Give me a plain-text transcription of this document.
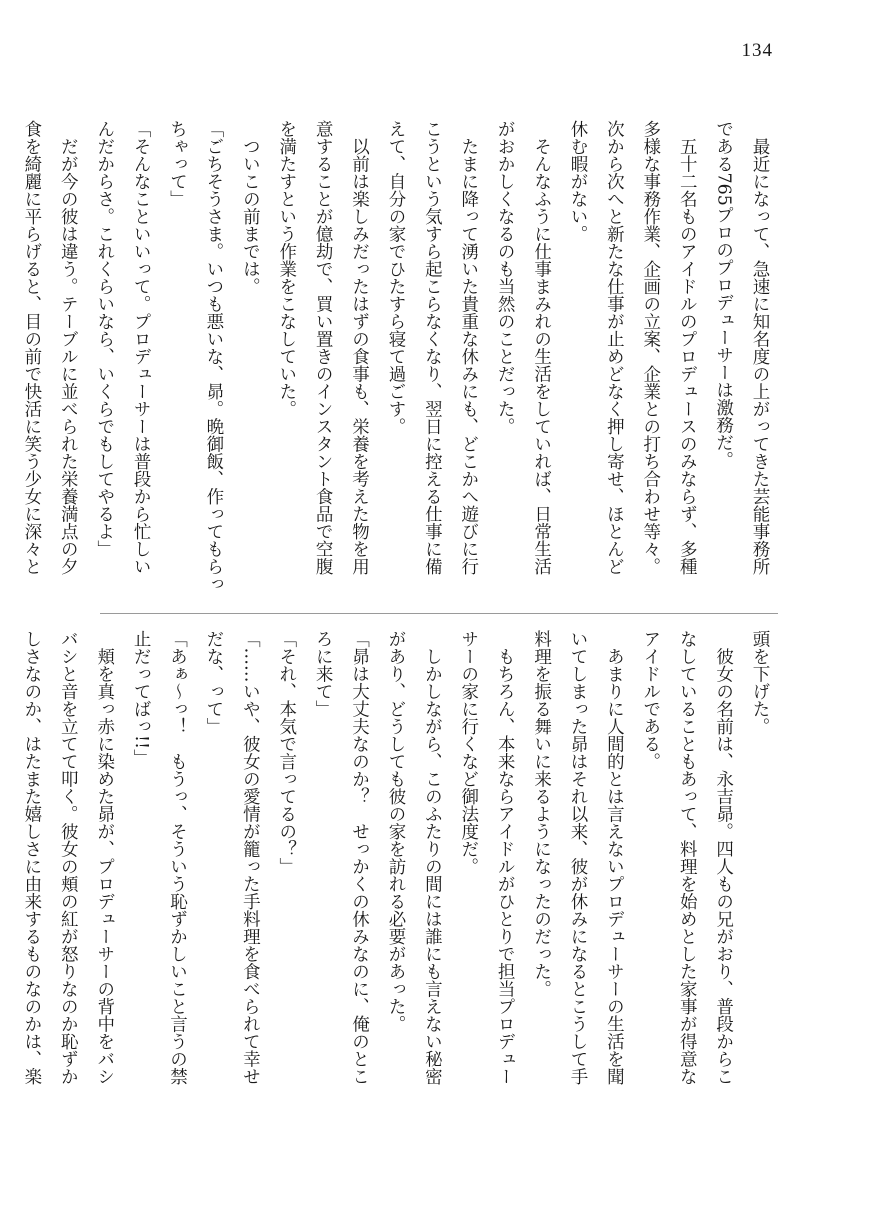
134
　最近になって、急速に知名度の上がってきた芸能事務所
である765プロのプロデューサーは激務だ。
　五十二名ものアイドルのプロデュースのみならず、多種
多様な事務作業、企画の立案、企業との打ち合わせ等々。
次から次へと新たな仕事が止めどなく押し寄せ、ほとんど
休む暇がない。
　そんなふうに仕事まみれの生活をしていれば、日常生活
がおかしくなるのも当然のことだった。
　たまに降って湧いた貴重な休みにも、どこかへ遊びに行
こうという気すら起こらなくなり、翌日に控える仕事に備
えて、自分の家でひたすら寝て過ごす。
　以前は楽しみだったはずの食事も、栄養を考えた物を用
意することが億劫で、買い置きのインスタント食品で空腹
を満たすという作業をこなしていた。
　ついこの前までは。
「ごちそうさま。いつも悪いな、昴。晩御飯、作ってもらっ
ちゃって」
「そんなこといいって。プロデューサーは普段から忙しい
んだからさ。これくらいなら、いくらでもしてやるよ」
　だが今の彼は違う。テーブルに並べられた栄養満点の夕
食を綺麗に平らげると、目の前で快活に笑う少女に深々と
頭を下げた。
　彼女の名前は、永吉昴。四人もの兄がおり、普段からこ
なしていることもあって、料理を始めとした家事が得意な
アイドルである。
　あまりに人間的とは言えないプロデューサーの生活を聞
いてしまった昴はそれ以来、彼が休みになるとこうして手
料理を振る舞いに来るようになったのだった。
　もちろん、本来ならアイドルがひとりで担当プロデュー
サーの家に行くなど御法度だ。
　しかしながら、このふたりの間には誰にも言えない秘密
があり、どうしても彼の家を訪れる必要があった。
「昴は大丈夫なのか？　せっかくの休みなのに、俺のとこ
ろに来て」
「それ、本気で言ってるの？」
「……いや、彼女の愛情が籠った手料理を食べられて幸せ
だな、って」
「あぁ～っ！　もうっ、そういう恥ずかしいこと言うの禁
止だってばっ!!」
　頬を真っ赤に染めた昴が、プロデューサーの背中をバシ
バシと音を立てて叩く。彼女の頬の紅が怒りなのか恥ずか
しさなのか、はたまた嬉しさに由来するものなのかは、楽
